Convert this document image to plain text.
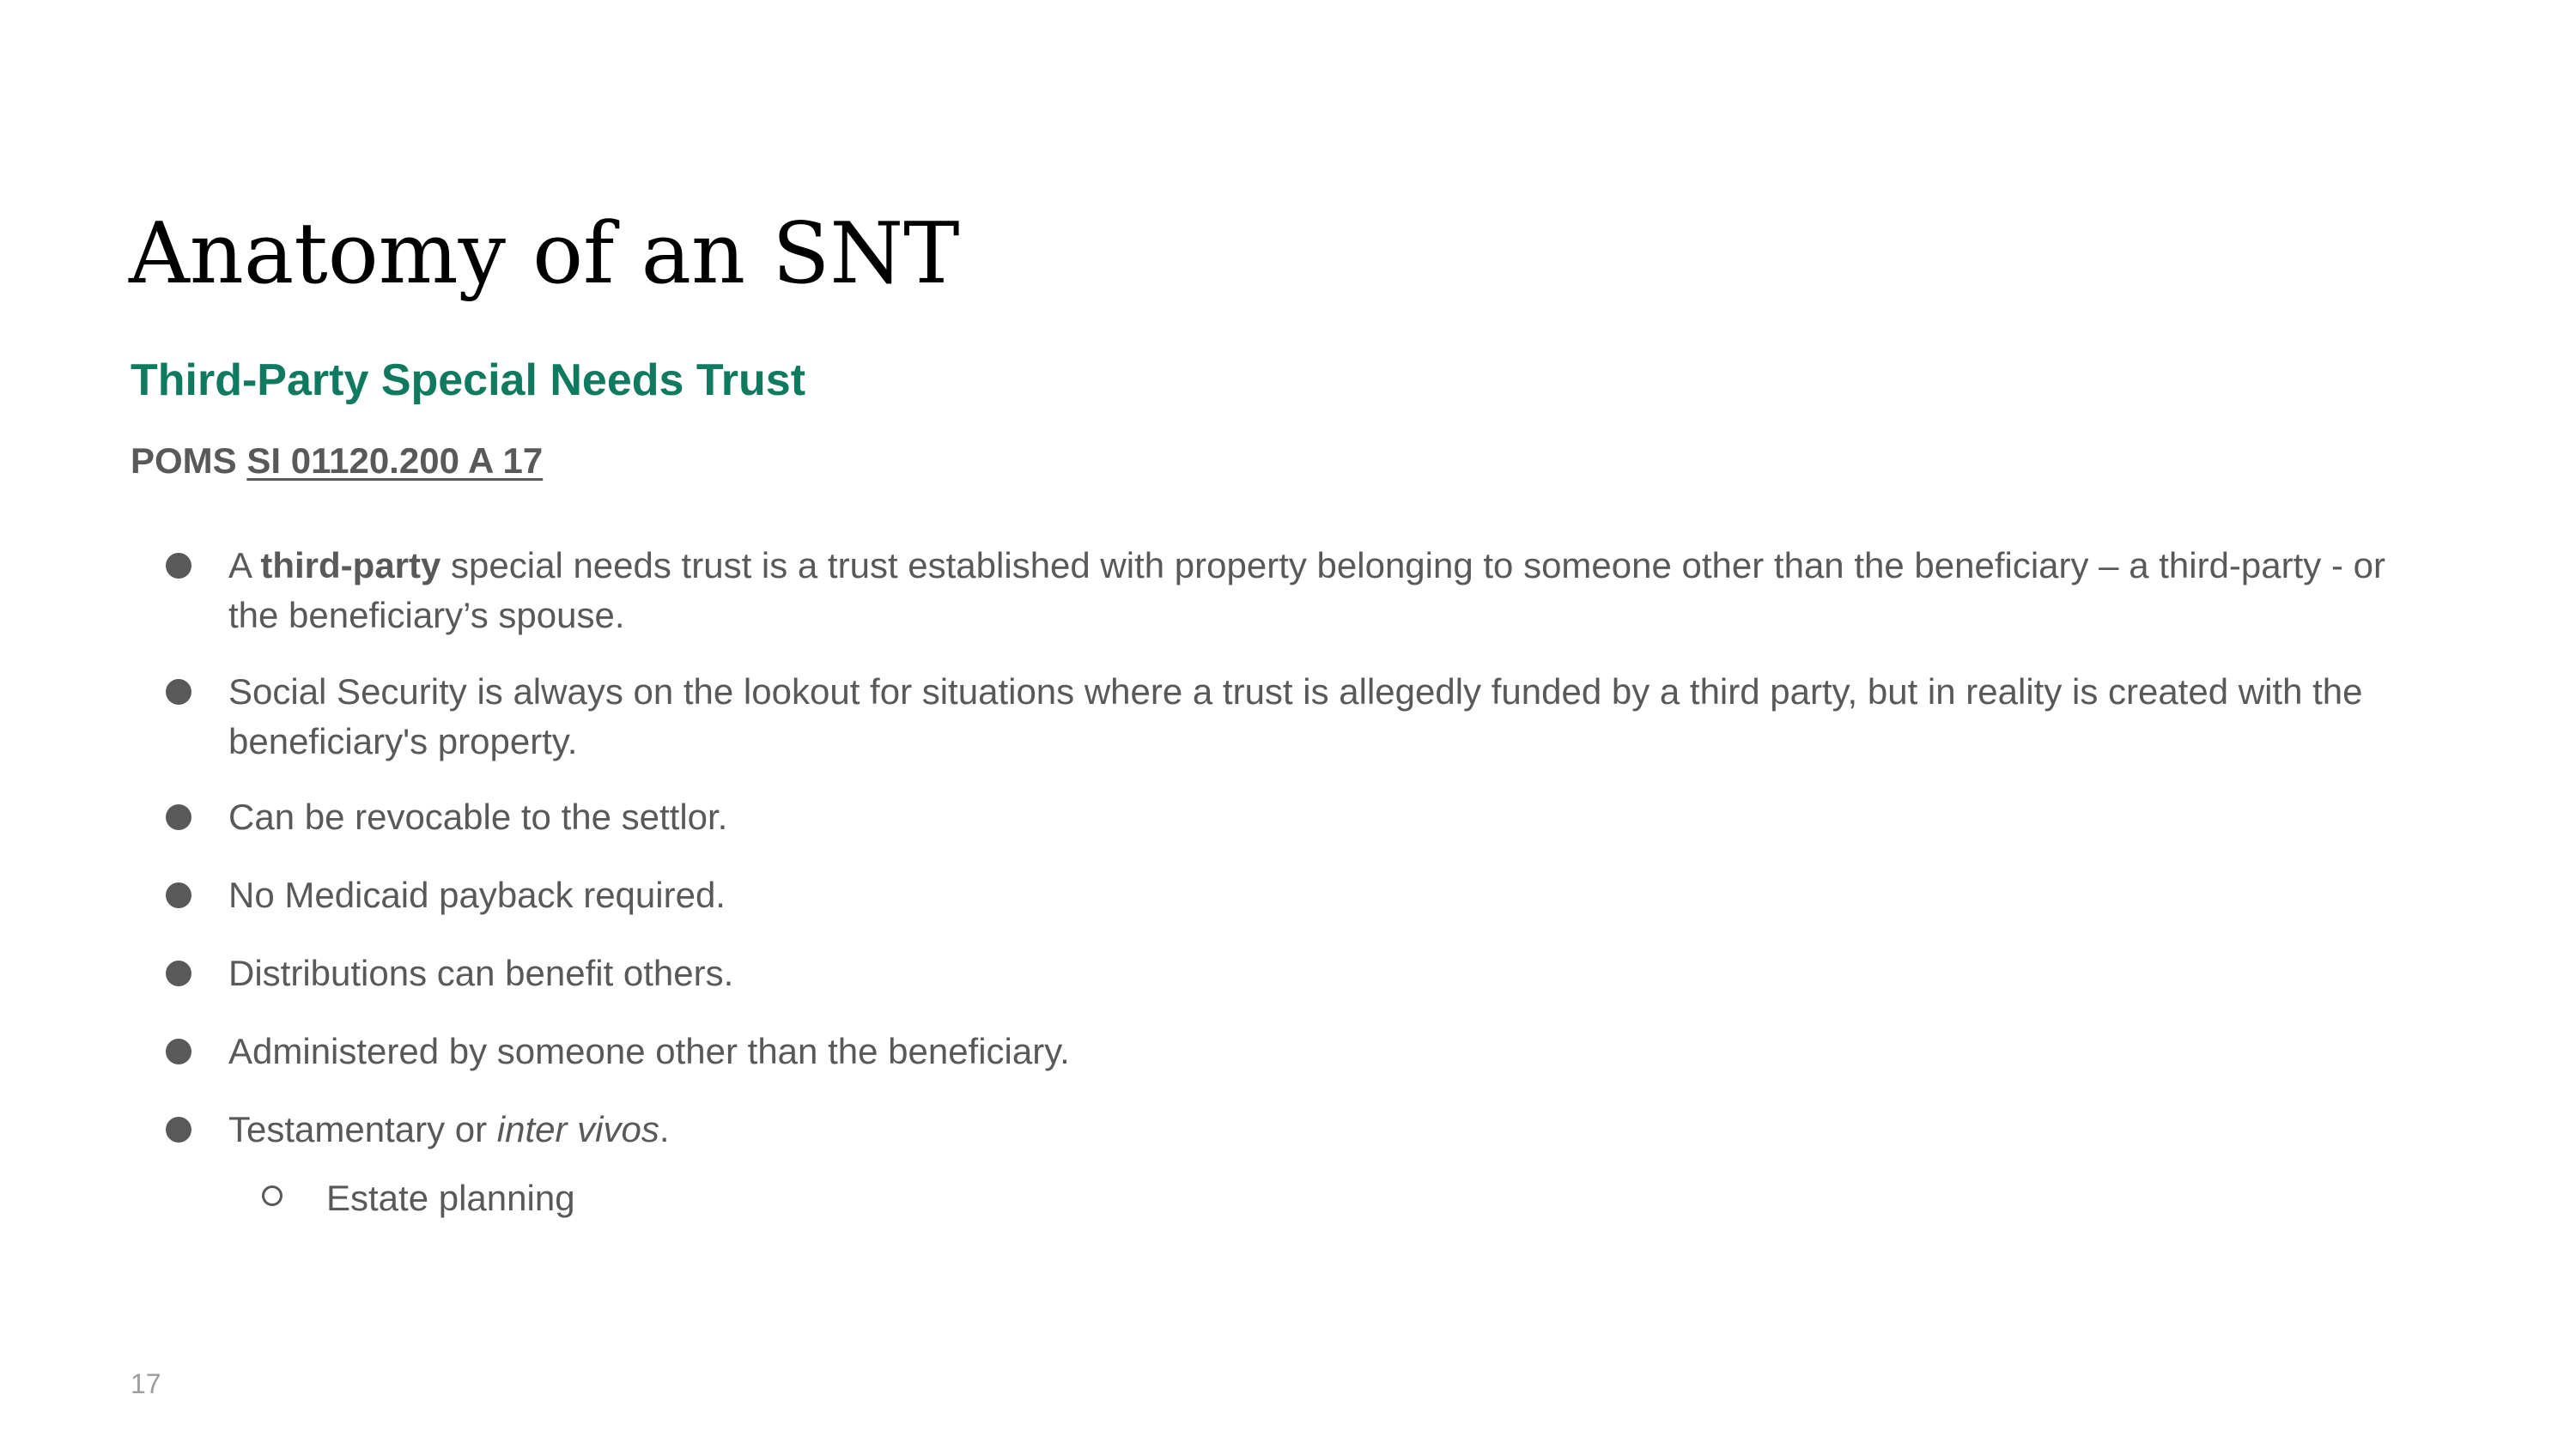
Anatomy of an SNT
Third-Party Special Needs Trust

POMS SI 01120.200 A 17

A third-party special needs trust is a trust established with property belonging to someone other than the beneficiary – a third-party - or the beneficiary’s spouse.
Social Security is always on the lookout for situations where a trust is allegedly funded by a third party, but in reality is created with the beneficiary's property.
Can be revocable to the settlor.
No Medicaid payback required.
Distributions can benefit others.
Administered by someone other than the beneficiary.
Testamentary or inter vivos.
Estate planning
17
